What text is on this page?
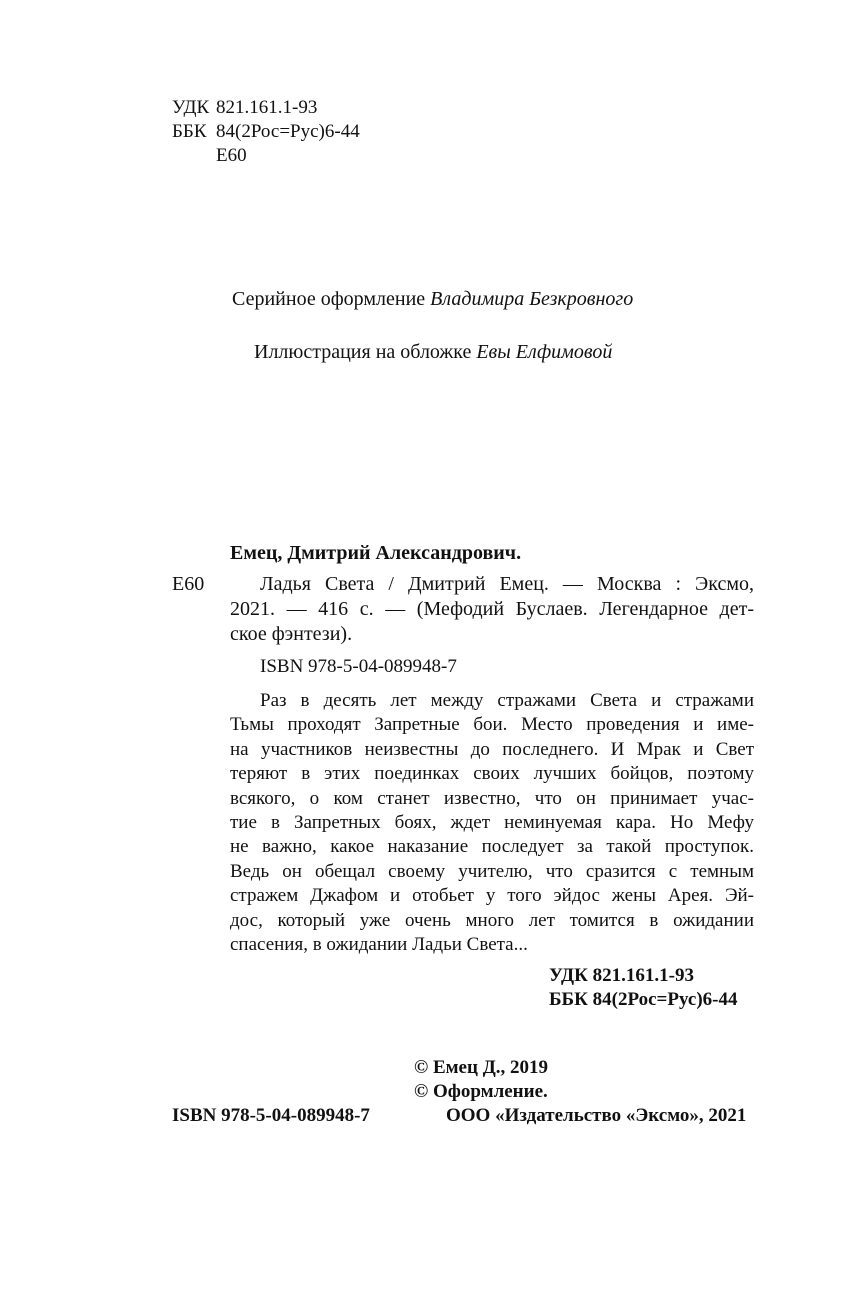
УДК 821.161.1-93
ББК 84(2Рос=Рус)6-44
Е60
Серийное оформление Владимира Безкровного
Иллюстрация на обложке Евы Елфимовой
Емец, Дмитрий Александрович.
Е60	Ладья Света / Дмитрий Емец. — Москва : Эксмо,
2021. — 416 с. — (Мефодий Буслаев. Легендарное дет-
ское фэнтези).
ISBN 978-5-04-089948-7
Раз в десять лет между стражами Света и стражами
Тьмы проходят Запретные бои. Место проведения и име-
на участников неизвестны до последнего. И Мрак и Свет
теряют в этих поединках своих лучших бойцов, поэтому
всякого, о ком станет известно, что он принимает учас-
тие в Запретных боях, ждет неминуемая кара. Но Мефу
не важно, какое наказание последует за такой проступок.
Ведь он обещал своему учителю, что сразится с темным
стражем Джафом и отобьет у того эйдос жены Арея. Эй-
дос, который уже очень много лет томится в ожидании
спасения, в ожидании Ладьи Света...
УДК 821.161.1-93
ББК 84(2Рос=Рус)6-44
© Емец Д., 2019
© Оформление.
ISBN 978-5-04-089948-7	ООО «Издательство «Эксмо», 2021
